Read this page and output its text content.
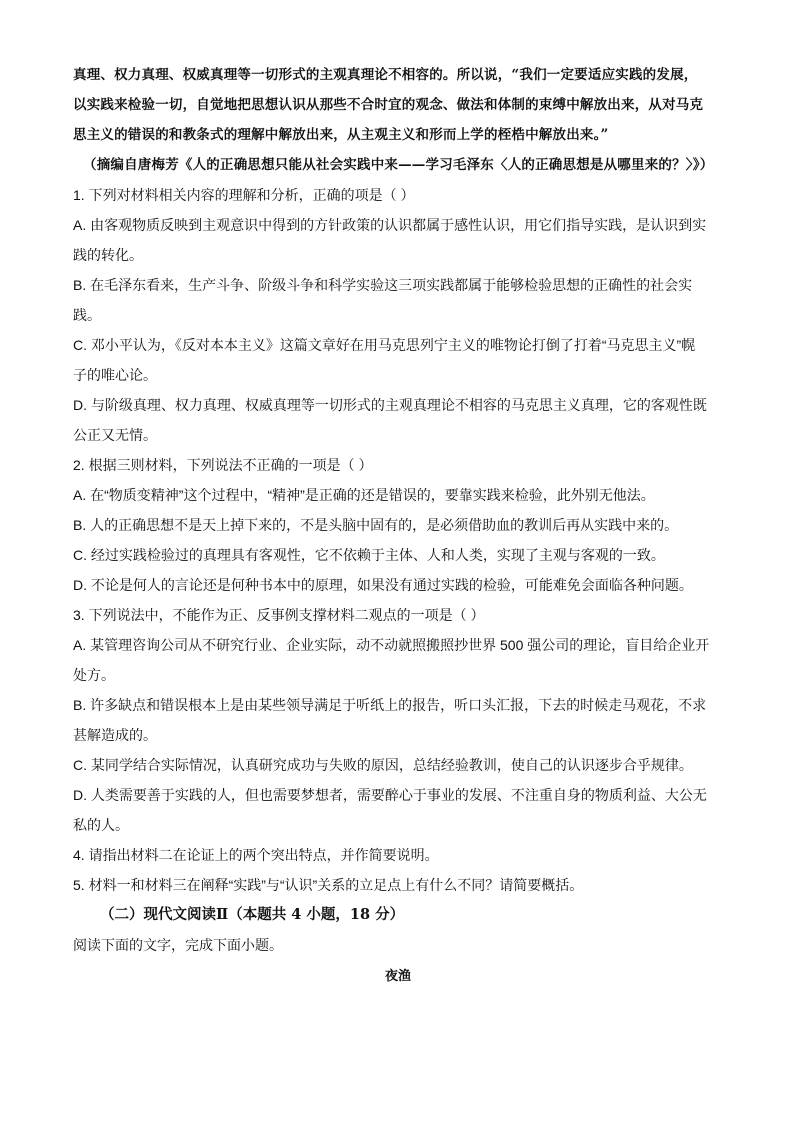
真理、权力真理、权威真理等一切形式的主观真理论不相容的。所以说，“我们一定要适应实践的发展，
以实践来检验一切，自觉地把思想认识从那些不合时宜的观念、做法和体制的束缚中解放出来，从对马克
思主义的错误的和教条式的理解中解放出来，从主观主义和形而上学的桎梏中解放出来。”
（摘编自唐梅芳《人的正确思想只能从社会实践中来——学习毛泽东〈人的正确思想是从哪里来的？〉》）
1. 下列对材料相关内容的理解和分析，正确的项是（ ）
A. 由客观物质反映到主观意识中得到的方针政策的认识都属于感性认识，用它们指导实践，是认识到实
践的转化。
B. 在毛泽东看来，生产斗争、阶级斗争和科学实验这三项实践都属于能够检验思想的正确性的社会实
践。
C. 邓小平认为，《反对本本主义》这篇文章好在用马克思列宁主义的唯物论打倒了打着“马克思主义”幌
子的唯心论。
D. 与阶级真理、权力真理、权威真理等一切形式的主观真理论不相容的马克思主义真理，它的客观性既
公正又无情。
2. 根据三则材料，下列说法不正确的一项是（ ）
A. 在“物质变精神”这个过程中，“精神”是正确的还是错误的，要靠实践来检验，此外别无他法。
B. 人的正确思想不是天上掉下来的，不是头脑中固有的，是必须借助血的教训后再从实践中来的。
C. 经过实践检验过的真理具有客观性，它不依赖于主体、人和人类，实现了主观与客观的一致。
D. 不论是何人的言论还是何种书本中的原理，如果没有通过实践的检验，可能难免会面临各种问题。
3. 下列说法中，不能作为正、反事例支撑材料二观点的一项是（ ）
A. 某管理咨询公司从不研究行业、企业实际，动不动就照搬照抄世界 500 强公司的理论，盲目给企业开
处方。
B. 许多缺点和错误根本上是由某些领导满足于听纸上的报告，听口头汇报，下去的时候走马观花，不求
甚解造成的。
C. 某同学结合实际情况，认真研究成功与失败的原因，总结经验教训，使自己的认识逐步合乎规律。
D. 人类需要善于实践的人，但也需要梦想者，需要醉心于事业的发展、不注重自身的物质利益、大公无
私的人。
4. 请指出材料二在论证上的两个突出特点，并作简要说明。
5. 材料一和材料三在阐释“实践”与“认识”关系的立足点上有什么不同？请简要概括。
（二）现代文阅读Ⅱ（本题共 4 小题，18 分）
阅读下面的文字，完成下面小题。
夜渔
